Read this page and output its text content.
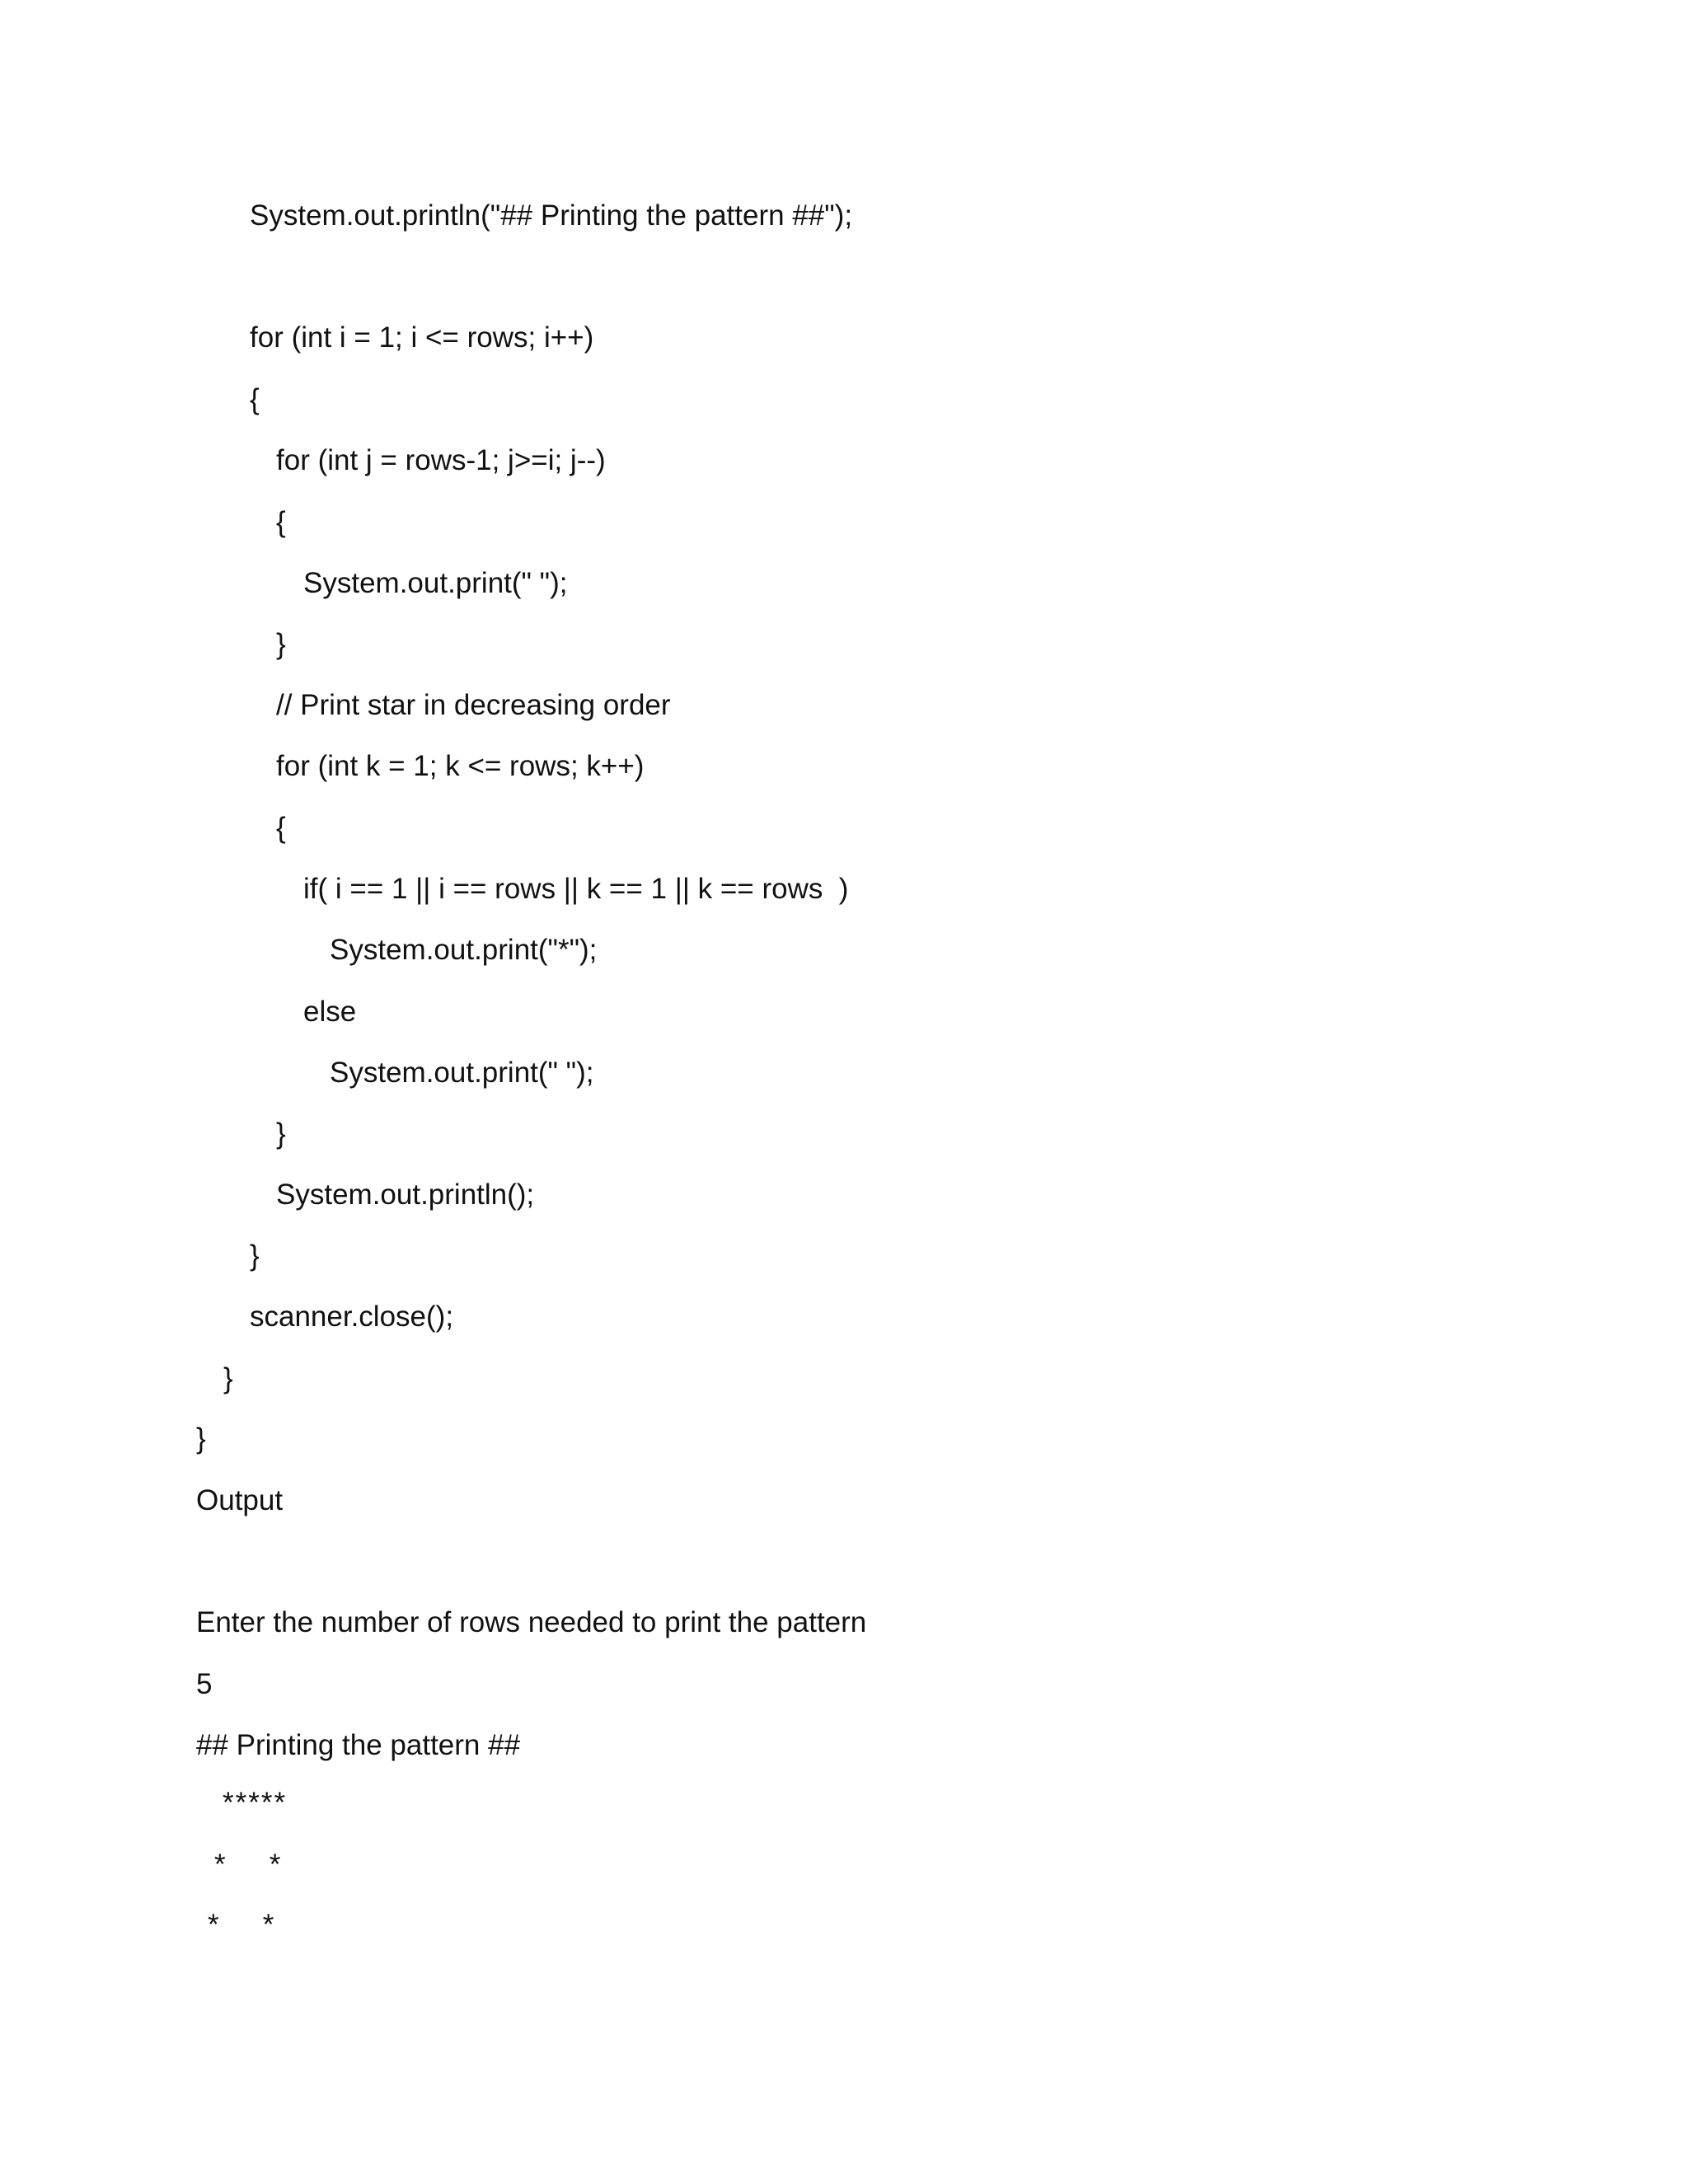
System.out.println("## Printing the pattern ##");
for (int i = 1; i <= rows; i++)
{
for (int j = rows-1; j>=i; j--)
{
System.out.print(" ");
}
// Print star in decreasing order
for (int k = 1; k <= rows; k++)
{
if( i == 1 || i == rows || k == 1 || k == rows  )
System.out.print("*");
else
System.out.print(" ");
}
System.out.println();
}
scanner.close();
}
}
Output
Enter the number of rows needed to print the pattern
5
## Printing the pattern ##
*****
*   *
*   *
